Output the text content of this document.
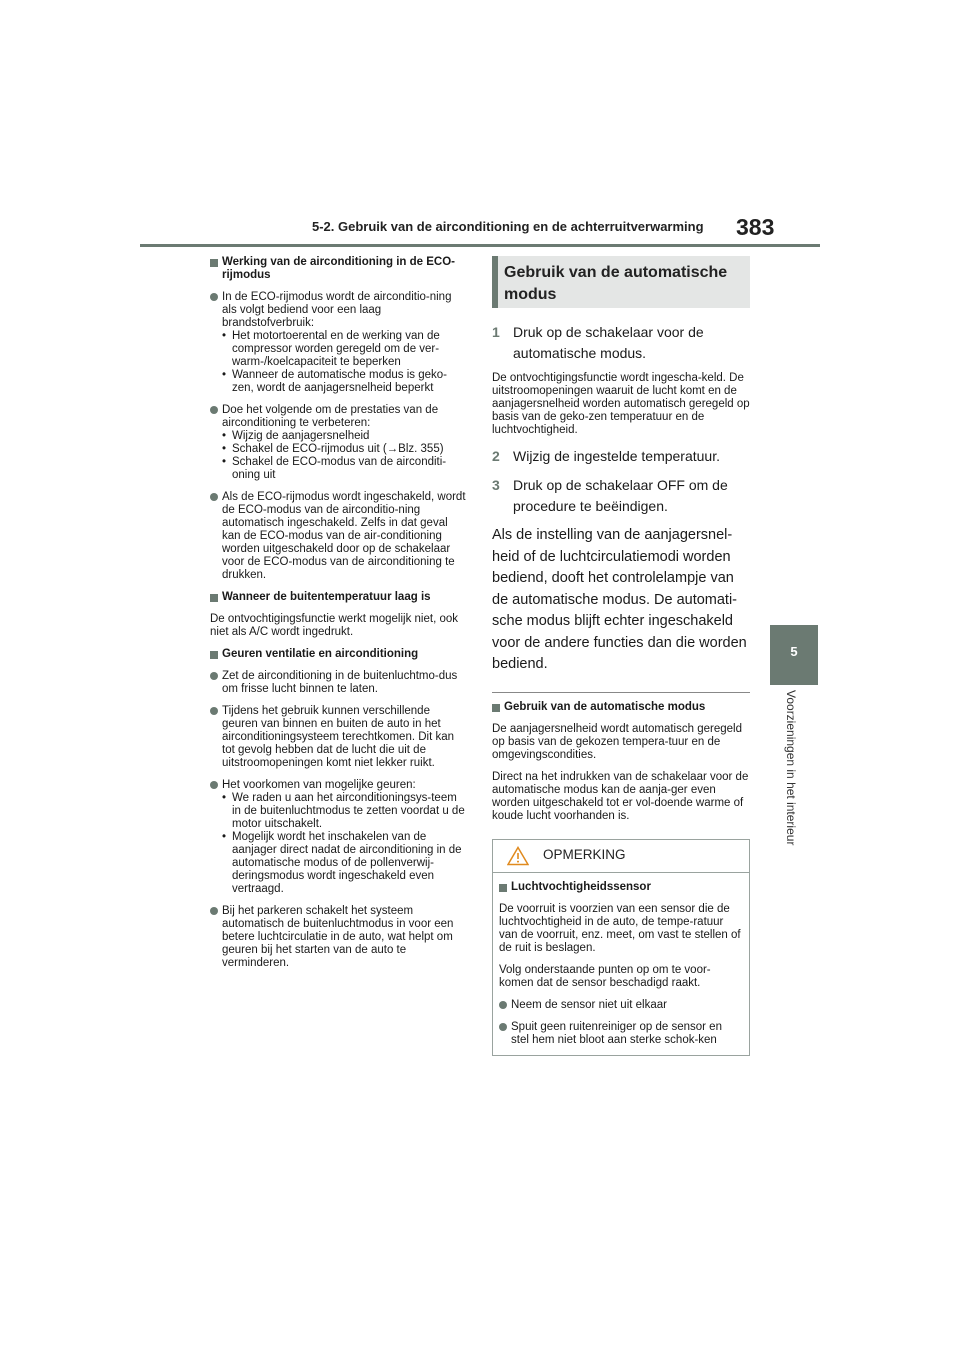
5-2. Gebruik van de airconditioning en de achterruitverwarming 383
5
Voorzieningen in het interieur
Werking van de airconditioning in de ECO-rijmodus
In de ECO-rijmodus wordt de airconditio-ning als volgt bediend voor een laag brandstofverbruik:
• Het motortoerental en de werking van de compressor worden geregeld om de ver-warm-/koelcapaciteit te beperken
• Wanneer de automatische modus is geko-zen, wordt de aanjagersnelheid beperkt
Doe het volgende om de prestaties van de airconditioning te verbeteren:
• Wijzig de aanjagersnelheid
• Schakel de ECO-rijmodus uit (→Blz. 355)
• Schakel de ECO-modus van de airconditi-oning uit
Als de ECO-rijmodus wordt ingeschakeld, wordt de ECO-modus van de airconditio-ning automatisch ingeschakeld. Zelfs in dat geval kan de ECO-modus van de air-conditioning worden uitgeschakeld door op de schakelaar voor de ECO-modus van de airconditioning te drukken.
Wanneer de buitentemperatuur laag is
De ontvochtigingsfunctie werkt mogelijk niet, ook niet als A/C wordt ingedrukt.
Geuren ventilatie en airconditioning
Zet de airconditioning in de buitenluchtmo-dus om frisse lucht binnen te laten.
Tijdens het gebruik kunnen verschillende geuren van binnen en buiten de auto in het airconditioningsysteem terechtkomen. Dit kan tot gevolg hebben dat de lucht die uit de uitstroomopeningen komt niet lekker ruikt.
Het voorkomen van mogelijke geuren:
• We raden u aan het airconditioningsys-teem in de buitenluchtmodus te zetten voordat u de motor uitschakelt.
• Mogelijk wordt het inschakelen van de aanjager direct nadat de airconditioning in de automatische modus of de pollenverwij-deringsmodus wordt ingeschakeld even vertraagd.
Bij het parkeren schakelt het systeem automatisch de buitenluchtmodus in voor een betere luchtcirculatie in de auto, wat helpt om geuren bij het starten van de auto te verminderen.
Gebruik van de automatische modus
1 Druk op de schakelaar voor de automatische modus.
De ontvochtigingsfunctie wordt ingescha-keld. De uitstroomopeningen waaruit de lucht komt en de aanjagersnelheid worden automatisch geregeld op basis van de geko-zen temperatuur en de luchtvochtigheid.
2 Wijzig de ingestelde temperatuur.
3 Druk op de schakelaar OFF om de procedure te beëindigen.
Als de instelling van de aanjagersnel-heid of de luchtcirculatiemodi worden bediend, dooft het controlelampje van de automatische modus. De automati-sche modus blijft echter ingeschakeld voor de andere functies dan die worden bediend.
Gebruik van de automatische modus
De aanjagersnelheid wordt automatisch geregeld op basis van de gekozen tempera-tuur en de omgevingscondities.
Direct na het indrukken van de schakelaar voor de automatische modus kan de aanja-ger even worden uitgeschakeld tot er vol-doende warme of koude lucht voorhanden is.
OPMERKING
Luchtvochtigheidssensor
De voorruit is voorzien van een sensor die de luchtvochtigheid in de auto, de tempe-ratuur van de voorruit, enz. meet, om vast te stellen of de ruit is beslagen.
Volg onderstaande punten op om te voor-komen dat de sensor beschadigd raakt.
Neem de sensor niet uit elkaar
Spuit geen ruitenreiniger op de sensor en stel hem niet bloot aan sterke schok-ken
